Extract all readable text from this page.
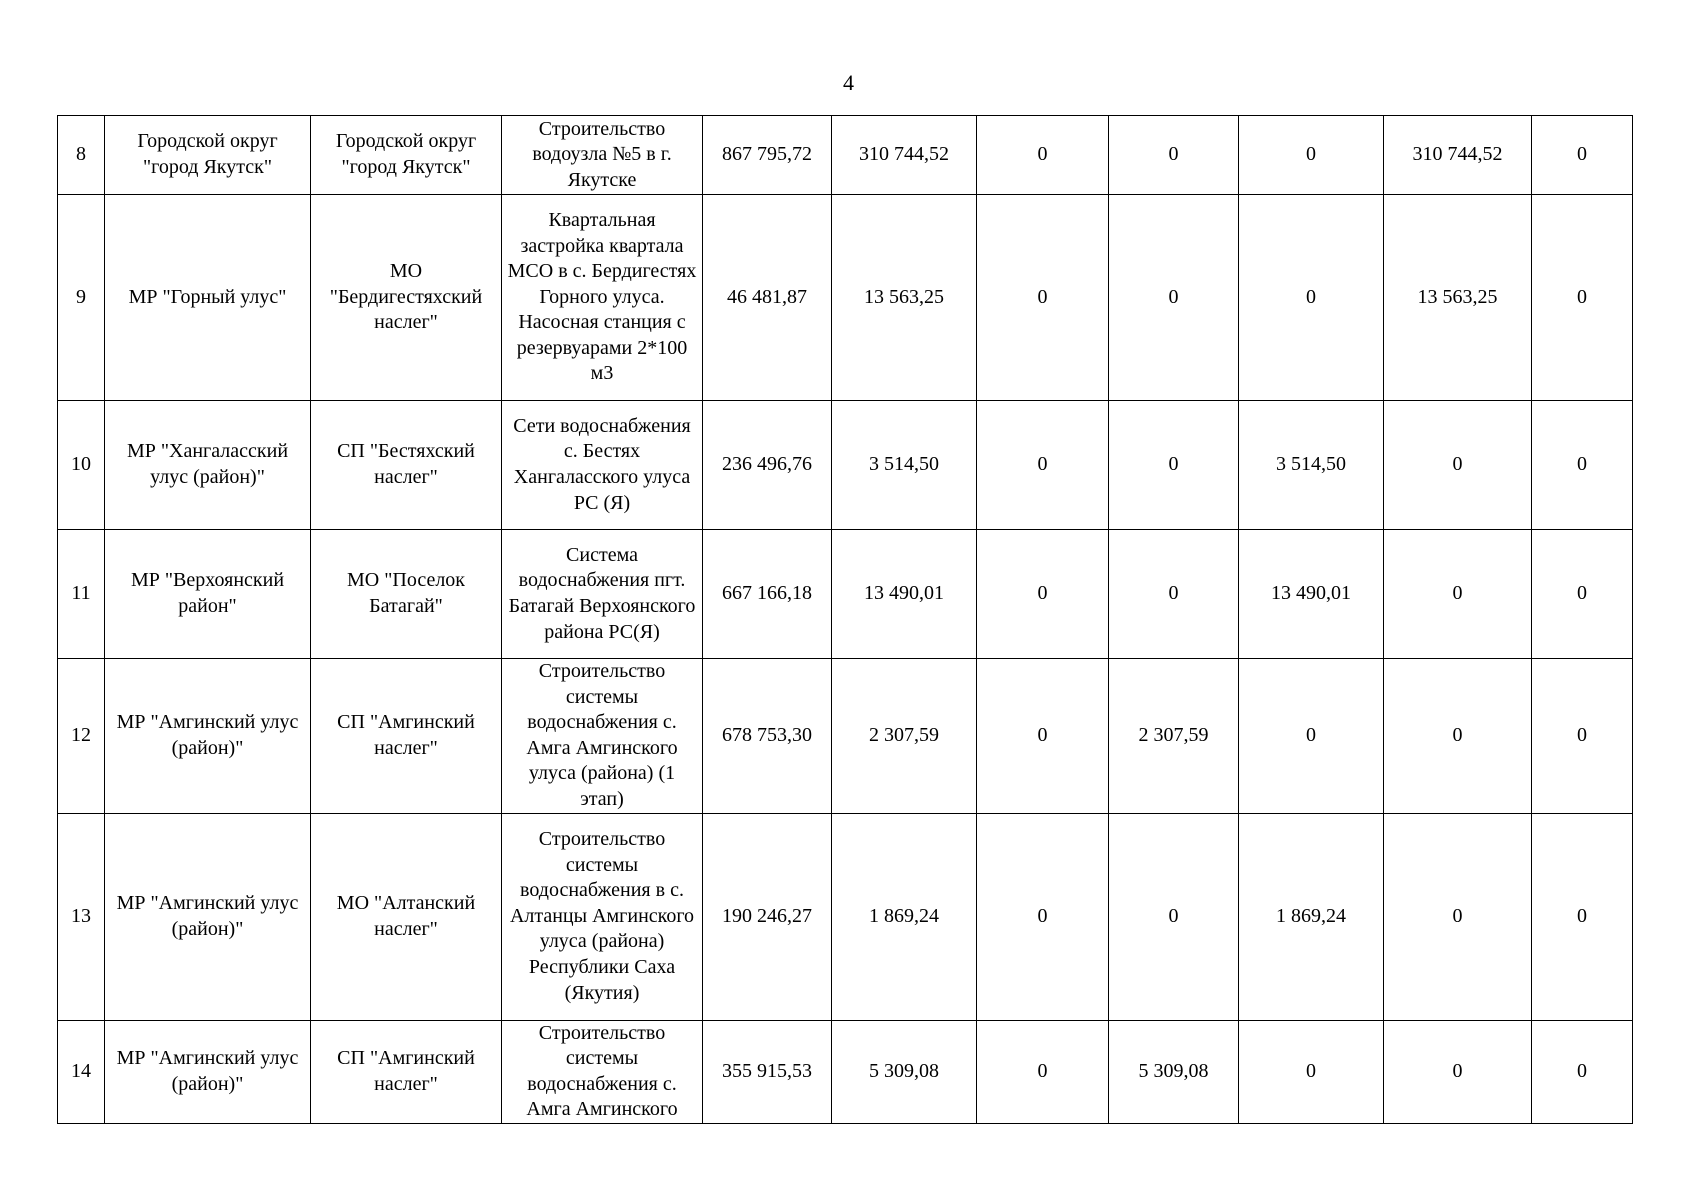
4
8	Городской округ "город Якутск"	Городской округ "город Якутск"	Строительство водоузла №5 в г. Якутске	867 795,72	310 744,52	0	0	0	310 744,52	0
9	МР "Горный улус"	МО "Бердигестяхский наслег"	Квартальная застройка квартала МСО в с. Бердигестях Горного улуса. Насосная станция с резервуарами 2*100 м3	46 481,87	13 563,25	0	0	0	13 563,25	0
10	МР "Хангаласский улус (район)"	СП "Бестяхский наслег"	Сети водоснабжения с. Бестях Хангаласского улуса РС (Я)	236 496,76	3 514,50	0	0	3 514,50	0	0
11	МР "Верхоянский район"	МО "Поселок Батагай"	Система водоснабжения пгт. Батагай Верхоянского района РС(Я)	667 166,18	13 490,01	0	0	13 490,01	0	0
12	МР "Амгинский улус (район)"	СП "Амгинский наслег"	Строительство системы водоснабжения с. Амга Амгинского улуса (района) (1 этап)	678 753,30	2 307,59	0	2 307,59	0	0	0
13	МР "Амгинский улус (район)"	МО "Алтанский наслег"	Строительство системы водоснабжения в с. Алтанцы Амгинского улуса (района) Республики Саха (Якутия)	190 246,27	1 869,24	0	0	1 869,24	0	0
14	МР "Амгинский улус (район)"	СП "Амгинский наслег"	Строительство системы водоснабжения с. Амга Амгинского	355 915,53	5 309,08	0	5 309,08	0	0	0
